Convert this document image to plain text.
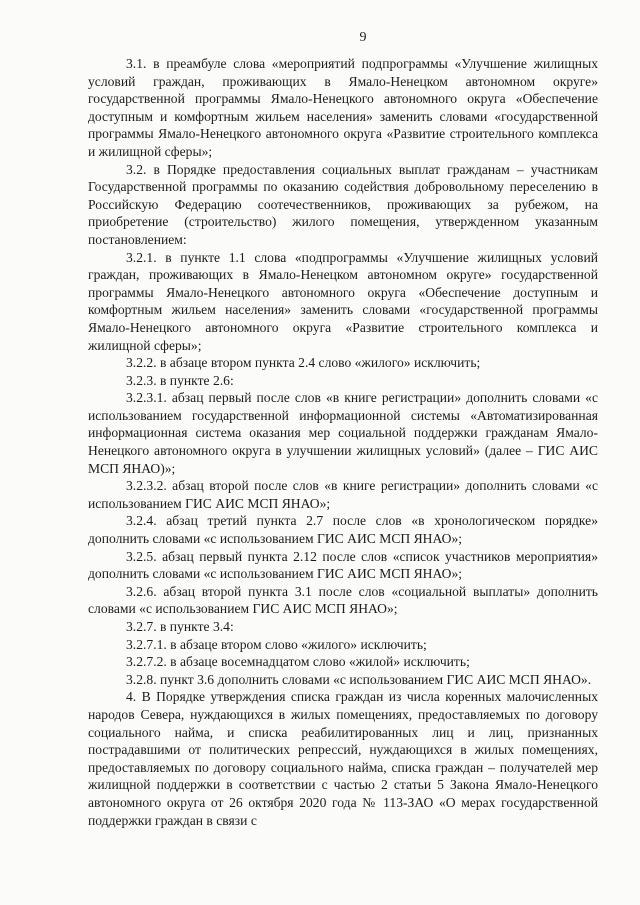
9

3.1. в преамбуле слова «мероприятий подпрограммы «Улучшение жилищных условий граждан, проживающих в Ямало-Ненецком автономном округе» государственной программы Ямало-Ненецкого автономного округа «Обеспечение доступным и комфортным жильем населения» заменить словами «государственной программы Ямало-Ненецкого автономного округа «Развитие строительного комплекса и жилищной сферы»;

3.2. в Порядке предоставления социальных выплат гражданам – участникам Государственной программы по оказанию содействия добровольному переселению в Российскую Федерацию соотечественников, проживающих за рубежом, на приобретение (строительство) жилого помещения, утвержденном указанным постановлением:

3.2.1. в пункте 1.1 слова «подпрограммы «Улучшение жилищных условий граждан, проживающих в Ямало-Ненецком автономном округе» государственной программы Ямало-Ненецкого автономного округа «Обеспечение доступным и комфортным жильем населения» заменить словами «государственной программы Ямало-Ненецкого автономного округа «Развитие строительного комплекса и жилищной сферы»;

3.2.2. в абзаце втором пункта 2.4 слово «жилого» исключить;

3.2.3. в пункте 2.6:

3.2.3.1. абзац первый после слов «в книге регистрации» дополнить словами «с использованием государственной информационной системы «Автоматизированная информационная система оказания мер социальной поддержки гражданам Ямало-Ненецкого автономного округа в улучшении жилищных условий» (далее – ГИС АИС МСП ЯНАО)»;

3.2.3.2. абзац второй после слов «в книге регистрации» дополнить словами «с использованием ГИС АИС МСП ЯНАО»;

3.2.4. абзац третий пункта 2.7 после слов «в хронологическом порядке» дополнить словами «с использованием ГИС АИС МСП ЯНАО»;

3.2.5. абзац первый пункта 2.12 после слов «список участников мероприятия» дополнить словами «с использованием ГИС АИС МСП ЯНАО»;

3.2.6. абзац второй пункта 3.1 после слов «социальной выплаты» дополнить словами «с использованием ГИС АИС МСП ЯНАО»;

3.2.7. в пункте 3.4:

3.2.7.1. в абзаце втором слово «жилого» исключить;

3.2.7.2. в абзаце восемнадцатом слово «жилой» исключить;

3.2.8. пункт 3.6 дополнить словами «с использованием ГИС АИС МСП ЯНАО».

4. В Порядке утверждения списка граждан из числа коренных малочисленных народов Севера, нуждающихся в жилых помещениях, предоставляемых по договору социального найма, и списка реабилитированных лиц и лиц, признанных пострадавшими от политических репрессий, нуждающихся в жилых помещениях, предоставляемых по договору социального найма, списка граждан – получателей мер жилищной поддержки в соответствии с частью 2 статьи 5 Закона Ямало-Ненецкого автономного округа от 26 октября 2020 года № 113-ЗАО «О мерах государственной поддержки граждан в связи с
